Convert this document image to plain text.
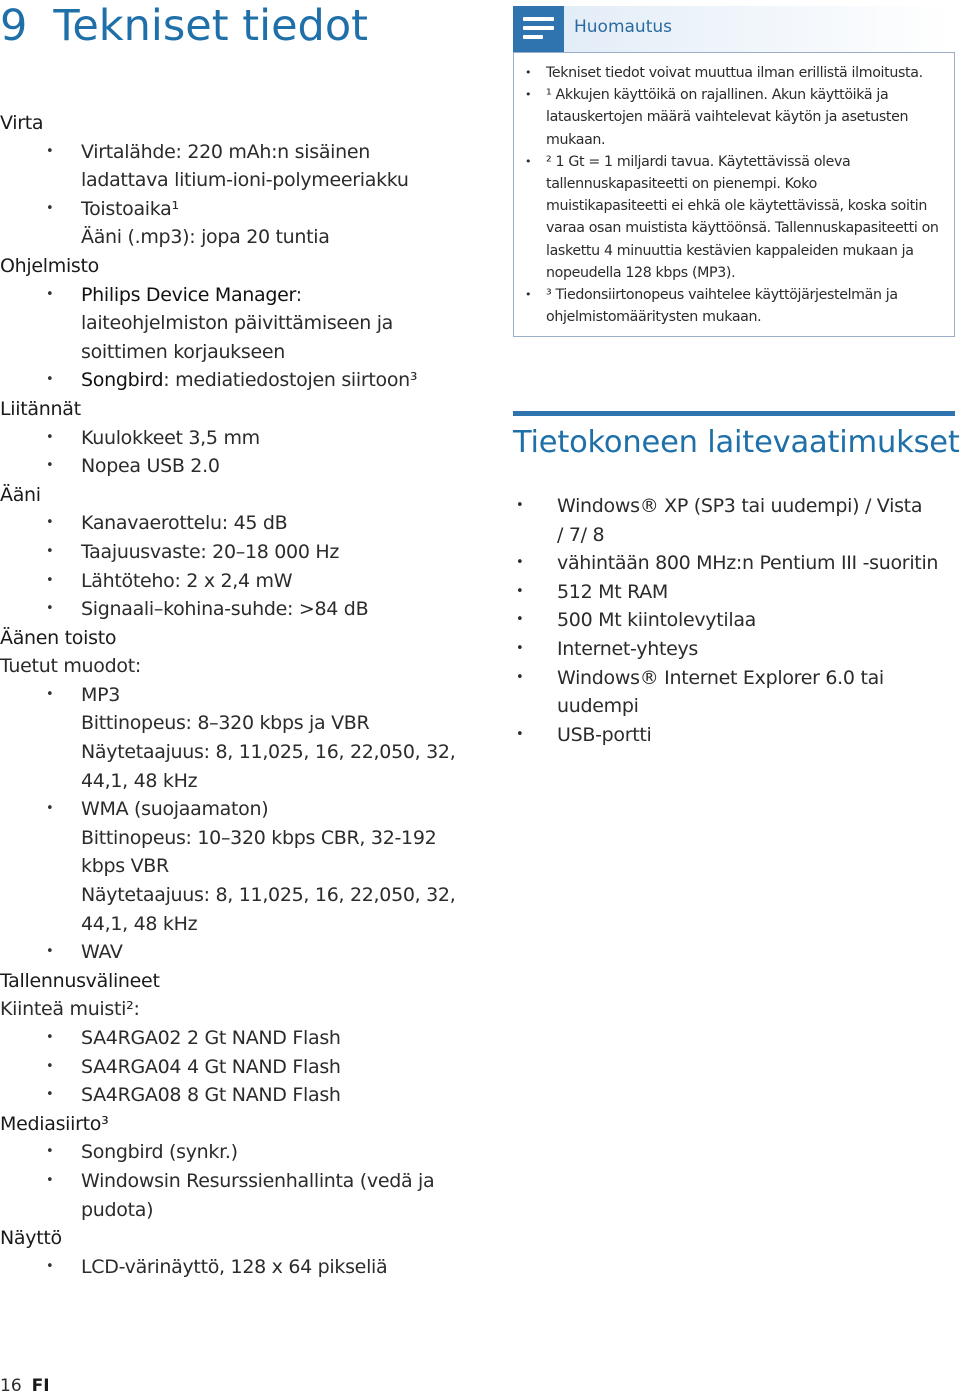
9 Tekniset tiedot
Virta
• Virtalähde: 220 mAh:n sisäinen
ladattava litium-ioni-polymeeriakku
• Toistoaika¹
Ääni (.mp3): jopa 20 tuntia
Ohjelmisto
• Philips Device Manager:
laiteohjelmiston päivittämiseen ja
soittimen korjaukseen
• Songbird: mediatiedostojen siirtoon³
Liitännät
• Kuulokkeet 3,5 mm
• Nopea USB 2.0
Ääni
• Kanavaerottelu: 45 dB
• Taajuusvaste: 20–18 000 Hz
• Lähtöteho: 2 x 2,4 mW
• Signaali–kohina-suhde: >84 dB
Äänen toisto
Tuetut muodot:
• MP3
Bittinopeus: 8–320 kbps ja VBR
Näytetaajuus: 8, 11,025, 16, 22,050, 32,
44,1, 48 kHz
• WMA (suojaamaton)
Bittinopeus: 10–320 kbps CBR, 32-192
kbps VBR
Näytetaajuus: 8, 11,025, 16, 22,050, 32,
44,1, 48 kHz
• WAV
Tallennusvälineet
Kiinteä muisti²:
• SA4RGA02 2 Gt NAND Flash
• SA4RGA04 4 Gt NAND Flash
• SA4RGA08 8 Gt NAND Flash
Mediasiirto³
• Songbird (synkr.)
• Windowsin Resurssienhallinta (vedä ja
pudota)
Näyttö
• LCD-värinäyttö, 128 x 64 pikseliä
Huomautus
• Tekniset tiedot voivat muuttua ilman erillistä ilmoitusta.
• ¹ Akkujen käyttöikä on rajallinen. Akun käyttöikä ja
latauskertojen määrä vaihtelevat käytön ja asetusten
mukaan.
• ² 1 Gt = 1 miljardi tavua. Käytettävissä oleva
tallennuskapasiteetti on pienempi. Koko
muistikapasiteetti ei ehkä ole käytettävissä, koska soitin
varaa osan muistista käyttöönsä. Tallennuskapasiteetti on
laskettu 4 minuuttia kestävien kappaleiden mukaan ja
nopeudella 128 kbps (MP3).
• ³ Tiedonsiirtonopeus vaihtelee käyttöjärjestelmän ja
ohjelmistomääritysten mukaan.
Tietokoneen laitevaatimukset
• Windows® XP (SP3 tai uudempi) / Vista
/ 7/ 8
• vähintään 800 MHz:n Pentium III -suoritin
• 512 Mt RAM
• 500 Mt kiintolevytilaa
• Internet-yhteys
• Windows® Internet Explorer 6.0 tai
uudempi
• USB-portti
16 FI
